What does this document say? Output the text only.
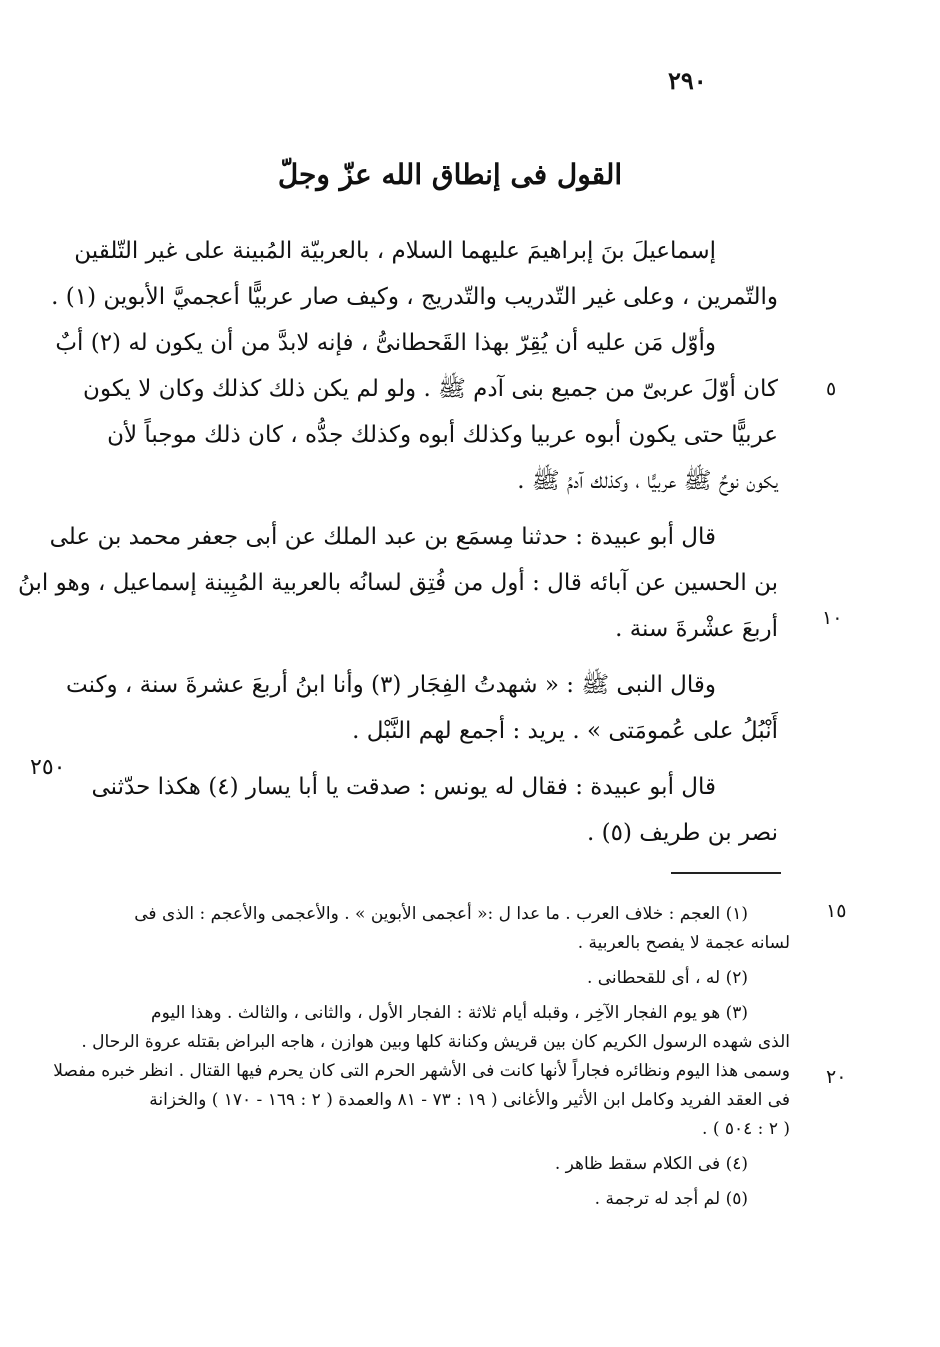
٢٩٠
القول فى إنطاق الله عزّ وجلّ
إسماعيلَ بنَ إبراهيمَ عليهما السلام ، بالعربيّة المُبينة على غير التّلقين
والتّمرين ، وعلى غير التّدريب والتّدريج ، وكيف صار عربيًّا أعجميَّ الأبوين (١) .
وأوّل مَن عليه أن يُقِرّ بهذا القَحطانىُّ ، فإنه لابدَّ من أن يكون له (٢) أبٌ
كان أوّلَ عربىّ من جميع بنى آدم ﷺ . ولو لم يكن ذلك كذلك وكان لا يكون
عربيًّا حتى يكون أبوه عربيا وكذلك أبوه وكذلك جدُّه ، كان ذلك موجباً لأن
يكون نوحٌ ﷺ عربيًّا ، وكذلك آدمُ ﷺ .
قال أبو عبيدة : حدثنا مِسمَع بن عبد الملك عن أبى جعفر محمد بن على
بن الحسين عن آبائه قال : أول من فُتِق لسانُه بالعربية المُبِينة إسماعيل ، وهو ابنُ
أربعَ عشْرةَ سنة .
وقال النبى ﷺ : « شهدتُ الفِجَار (٣) وأنا ابنُ أربعَ عشرةَ سنة ، وكنت
أَنْبُلُ على عُمومَتى » . يريد : أجمع لهم النَّبْل .
قال أبو عبيدة : فقال له يونس : صدقت يا أبا يسار (٤) هكذا حدّثنى
نصر بن طريف (٥) .
٥
١٠
٢٥٠
١٥
٢٠
(١) العجم : خلاف العرب . ما عدا ل :« أعجمى الأبوين » . والأعجمى والأعجم : الذى فى
لسانه عجمة لا يفصح بالعربية .
(٢) له ، أى للقحطانى .
(٣) هو يوم الفجار الآخِر ، وقبله أيام ثلاثة : الفجار الأول ، والثانى ، والثالث . وهذا اليوم
الذى شهده الرسول الكريم كان بين قريش وكنانة كلها وبين هوازن ، هاجه البراض بقتله عروة الرحال .
وسمى هذا اليوم ونظائره فجاراً لأنها كانت فى الأشهر الحرم التى كان يحرم فيها القتال . انظر خبره مفصلا
فى العقد الفريد وكامل ابن الأثير والأغانى ( ١٩ : ٧٣ - ٨١ والعمدة ( ٢ : ١٦٩ - ١٧٠ ) والخزانة
( ٢ : ٥٠٤ ) .
(٤) فى الكلام سقط ظاهر .
(٥) لم أجد له ترجمة .
